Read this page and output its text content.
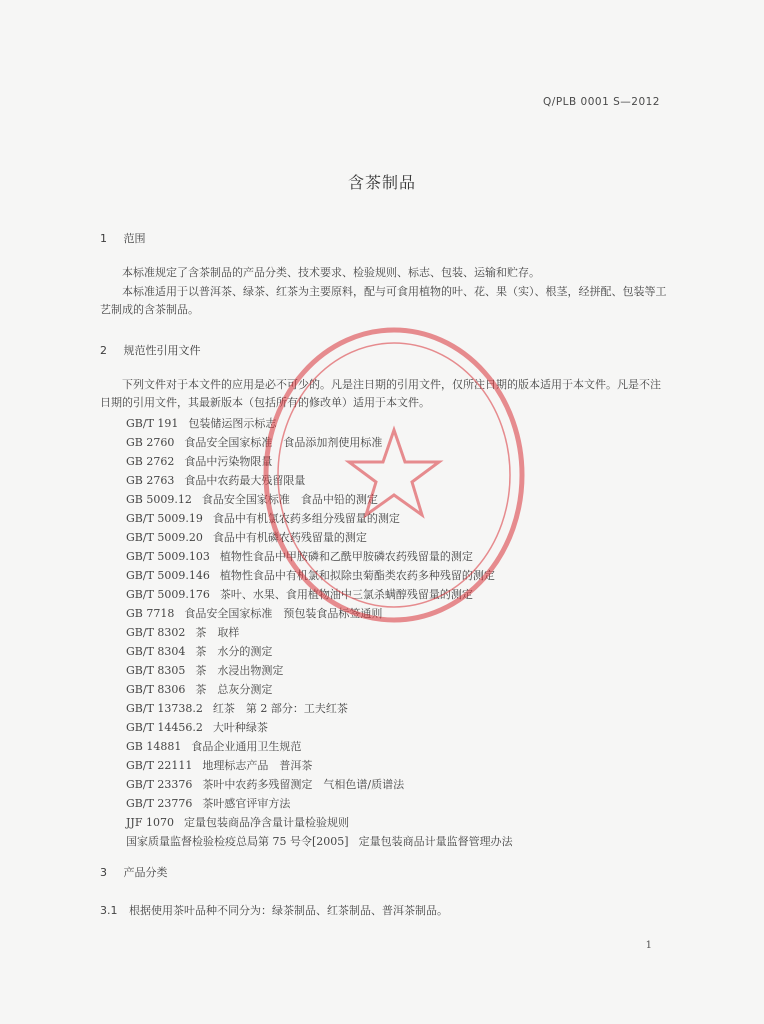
Q/PLB 0001 S—2012
含茶制品
1 范围
本标准规定了含茶制品的产品分类、技术要求、检验规则、标志、包装、运输和贮存。
本标准适用于以普洱茶、绿茶、红茶为主要原料，配与可食用植物的叶、花、果（实）、根茎，经拼配、包装等工艺制成的含茶制品。
2 规范性引用文件
下列文件对于本文件的应用是必不可少的。凡是注日期的引用文件，仅所注日期的版本适用于本文件。凡是不注日期的引用文件，其最新版本（包括所有的修改单）适用于本文件。
GB/T 191 包装储运图示标志
GB 2760 食品安全国家标准　食品添加剂使用标准
GB 2762 食品中污染物限量
GB 2763 食品中农药最大残留限量
GB 5009.12 食品安全国家标准　食品中铅的测定
GB/T 5009.19 食品中有机氯农药多组分残留量的测定
GB/T 5009.20 食品中有机磷农药残留量的测定
GB/T 5009.103 植物性食品中甲胺磷和乙酰甲胺磷农药残留量的测定
GB/T 5009.146 植物性食品中有机氯和拟除虫菊酯类农药多种残留的测定
GB/T 5009.176 茶叶、水果、食用植物油中三氯杀螨醇残留量的测定
GB 7718 食品安全国家标准　预包装食品标签通则
GB/T 8302 茶　取样
GB/T 8304 茶　水分的测定
GB/T 8305 茶　水浸出物测定
GB/T 8306 茶　总灰分测定
GB/T 13738.2 红茶　第 2 部分：工夫红茶
GB/T 14456.2 大叶种绿茶
GB 14881 食品企业通用卫生规范
GB/T 22111 地理标志产品　普洱茶
GB/T 23376 茶叶中农药多残留测定　气相色谱/质谱法
GB/T 23776 茶叶感官评审方法
JJF 1070 定量包装商品净含量计量检验规则
国家质量监督检验检疫总局第 75 号令[2005] 定量包装商品计量监督管理办法
3 产品分类
3.1 根据使用茶叶品种不同分为：绿茶制品、红茶制品、普洱茶制品。
1
